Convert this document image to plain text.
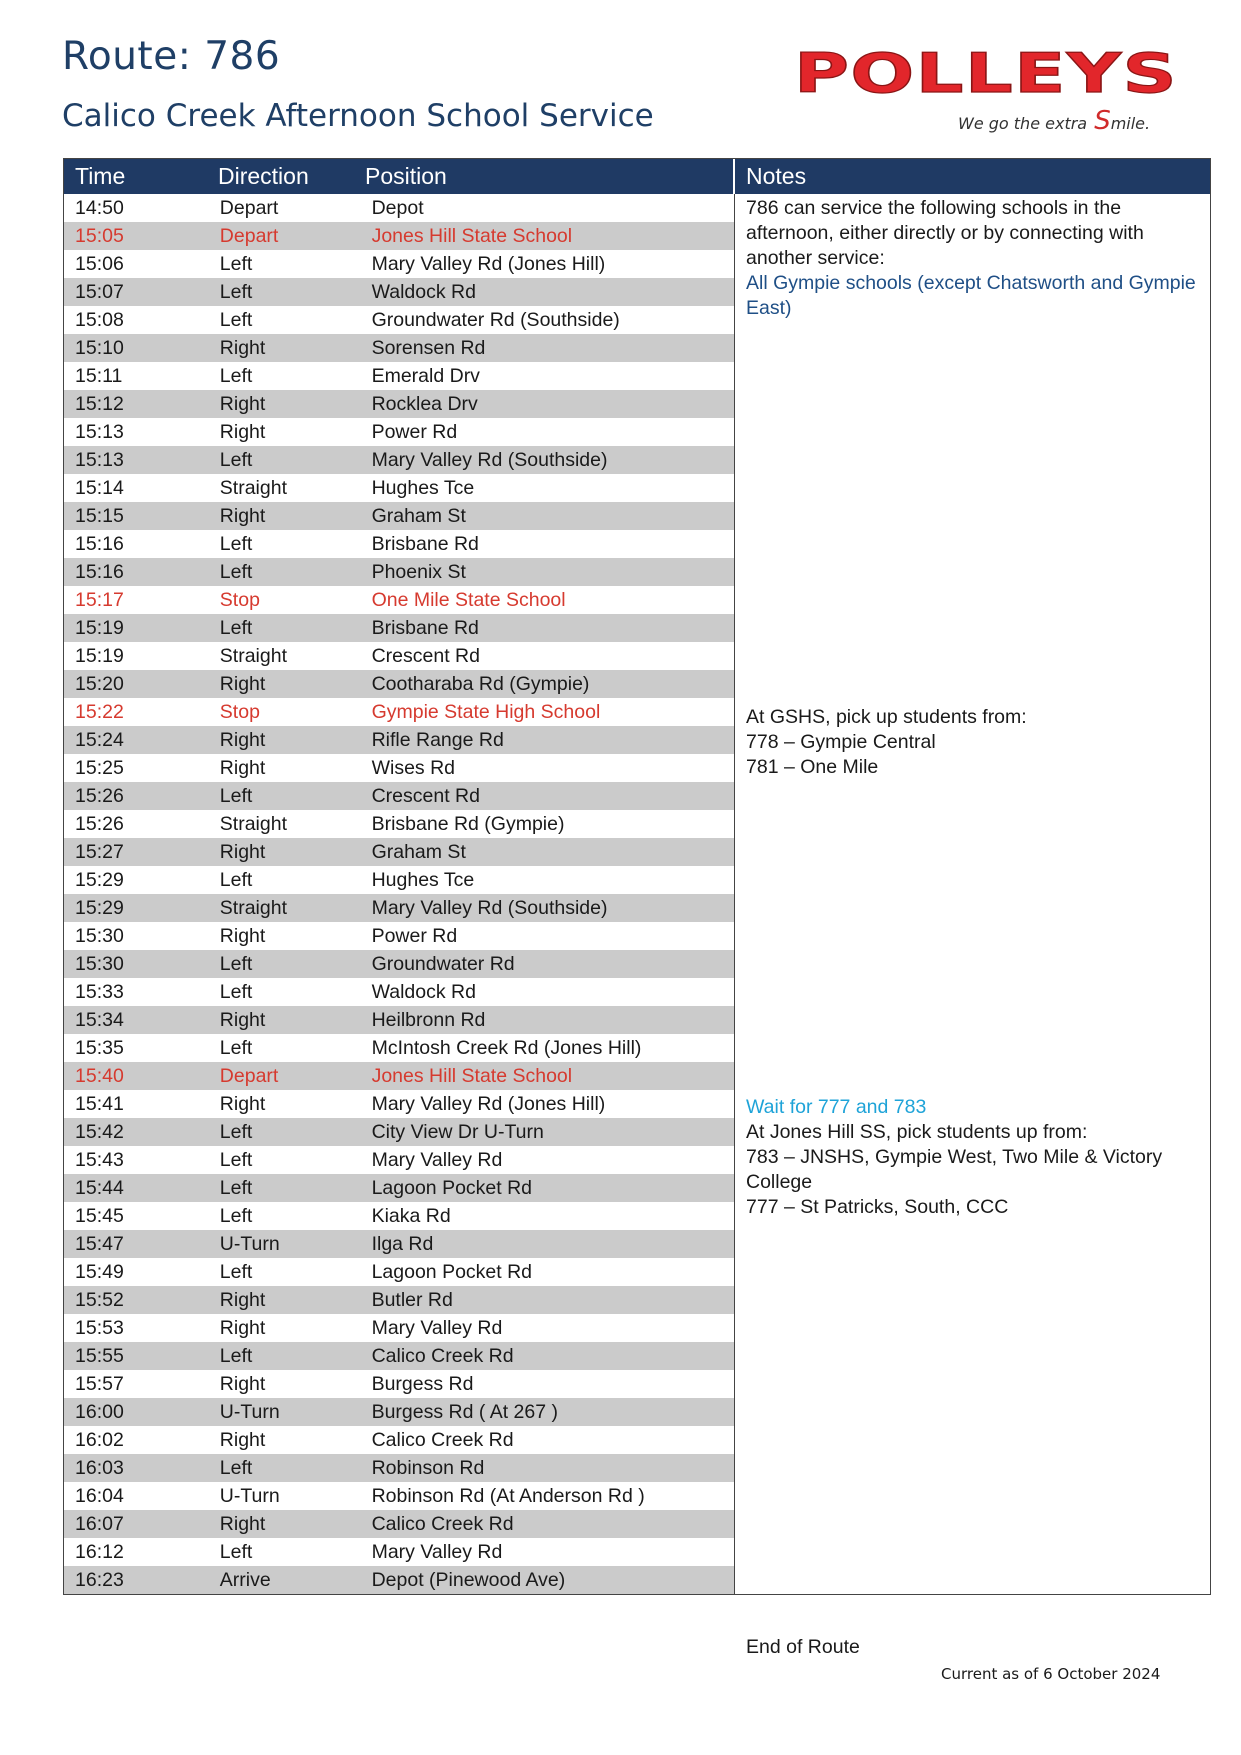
Route: 786
Calico Creek Afternoon School Service
POLLEYS
We go the extra Smile.
Time	Direction	Position	Notes
14:50	Depart	Depot
15:05	Depart	Jones Hill State School
15:06	Left	Mary Valley Rd (Jones Hill)
15:07	Left	Waldock Rd
15:08	Left	Groundwater Rd (Southside)
15:10	Right	Sorensen Rd
15:11	Left	Emerald Drv
15:12	Right	Rocklea Drv
15:13	Right	Power Rd
15:13	Left	Mary Valley Rd (Southside)
15:14	Straight	Hughes Tce
15:15	Right	Graham St
15:16	Left	Brisbane Rd
15:16	Left	Phoenix St
15:17	Stop	One Mile State School
15:19	Left	Brisbane Rd
15:19	Straight	Crescent Rd
15:20	Right	Cootharaba Rd (Gympie)
15:22	Stop	Gympie State High School
15:24	Right	Rifle Range Rd
15:25	Right	Wises Rd
15:26	Left	Crescent Rd
15:26	Straight	Brisbane Rd (Gympie)
15:27	Right	Graham St
15:29	Left	Hughes Tce
15:29	Straight	Mary Valley Rd (Southside)
15:30	Right	Power Rd
15:30	Left	Groundwater Rd
15:33	Left	Waldock Rd
15:34	Right	Heilbronn Rd
15:35	Left	McIntosh Creek Rd (Jones Hill)
15:40	Depart	Jones Hill State School
15:41	Right	Mary Valley Rd (Jones Hill)
15:42	Left	City View Dr U-Turn
15:43	Left	Mary Valley Rd
15:44	Left	Lagoon Pocket Rd
15:45	Left	Kiaka Rd
15:47	U-Turn	Ilga Rd
15:49	Left	Lagoon Pocket Rd
15:52	Right	Butler Rd
15:53	Right	Mary Valley Rd
15:55	Left	Calico Creek Rd
15:57	Right	Burgess Rd
16:00	U-Turn	Burgess Rd ( At 267 )
16:02	Right	Calico Creek Rd
16:03	Left	Robinson Rd
16:04	U-Turn	Robinson Rd (At Anderson Rd )
16:07	Right	Calico Creek Rd
16:12	Left	Mary Valley Rd
16:23	Arrive	Depot (Pinewood Ave)

786 can service the following schools in the afternoon, either directly or by connecting with another service:

All Gympie schools (except Chatsworth and Gympie East)

At GSHS, pick up students from:

778 – Gympie Central

781 – One Mile

Wait for 777 and 783

At Jones Hill SS, pick students up from:

783 – JNSHS, Gympie West, Two Mile & Victory College

777 – St Patricks, South, CCC

End of Route

Current as of 6 October 2024
